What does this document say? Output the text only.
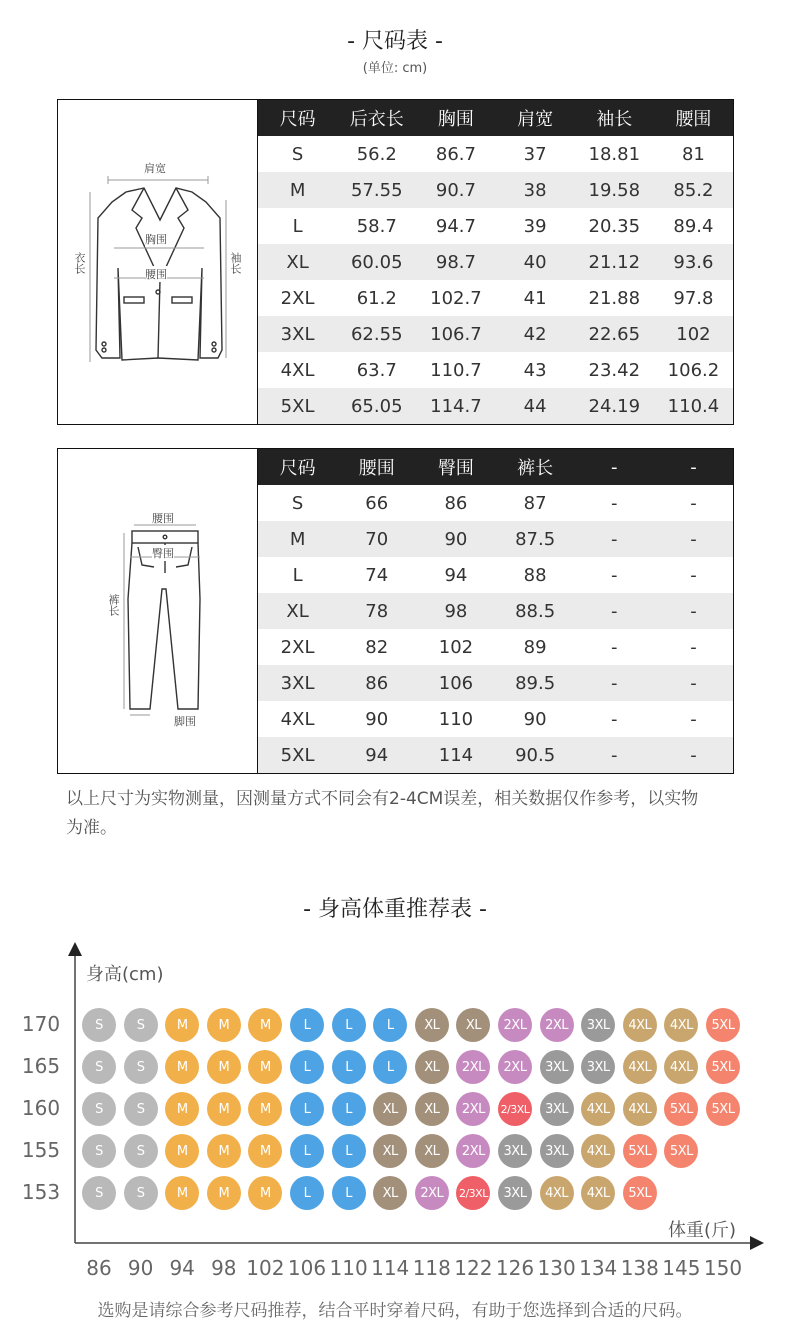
- 尺码表 -
(单位: cm)
肩宽
胸围
腰围
衣长	袖长
尺码	后衣长	胸围	肩宽	袖长	腰围
S	56.2	86.7	37	18.81	81
M	57.55	90.7	38	19.58	85.2
L	58.7	94.7	39	20.35	89.4
XL	60.05	98.7	40	21.12	93.6
2XL	61.2	102.7	41	21.88	97.8
3XL	62.55	106.7	42	22.65	102
4XL	63.7	110.7	43	23.42	106.2
5XL	65.05	114.7	44	24.19	110.4
腰围
臀围
裤长
脚围
尺码	腰围	臀围	裤长	-	-
S	66	86	87	-	-
M	70	90	87.5	-	-
L	74	94	88	-	-
XL	78	98	88.5	-	-
2XL	82	102	89	-	-
3XL	86	106	89.5	-	-
4XL	90	110	90	-	-
5XL	94	114	90.5	-	-
以上尺寸为实物测量，因测量方式不同会有2-4CM误差，相关数据仅作参考，以实物为准。
- 身高体重推荐表 -
身高(cm)
体重(斤)
170
165
160
155
153
86 90 94 98 102 106 110 114 118 122 126 130 134 138 145 150
S	S	M	M	M	L	L	L	XL	XL	2XL	2XL	3XL	4XL	4XL	5XL
S	S	M	M	M	L	L	L	XL	2XL	2XL	3XL	3XL	4XL	4XL	5XL
S	S	M	M	M	L	L	XL	XL	2XL	2/3XL	3XL	4XL	4XL	5XL	5XL
S	S	M	M	M	L	L	XL	XL	2XL	3XL	3XL	4XL	5XL	5XL
S	S	M	M	M	L	L	XL	2XL	2/3XL	3XL	4XL	4XL	5XL
选购是请综合参考尺码推荐，结合平时穿着尺码，有助于您选择到合适的尺码。
